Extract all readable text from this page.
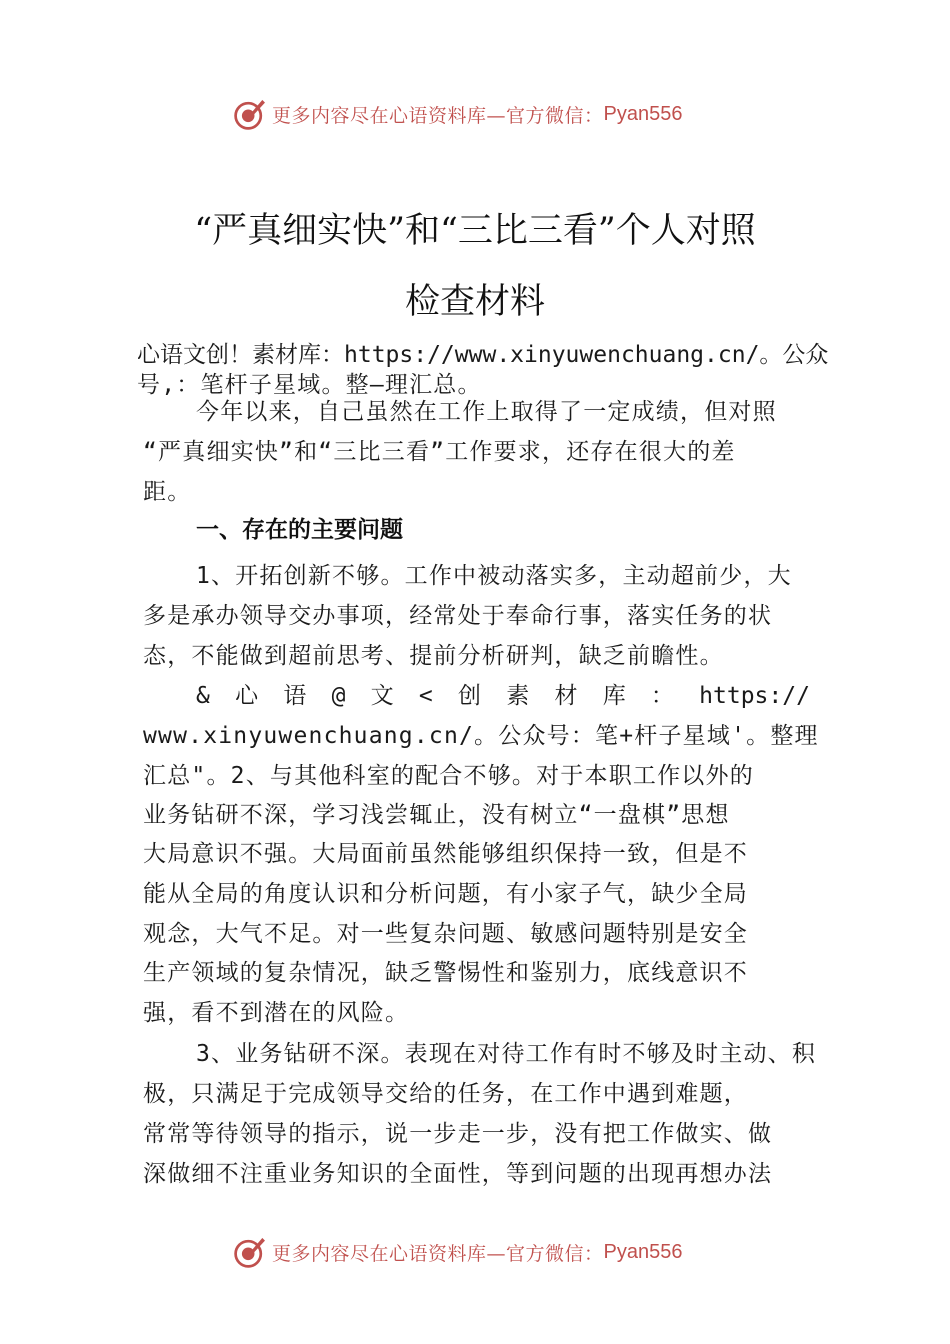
更多内容尽在心语资料库—官方微信： Pyan556
“严真细实快”和“三比三看”个人对照
检查材料
心语文创！素材库：https://www.xinyuwenchuang.cn/。公众
号,：笔杆子星域。整—理汇总。
今年以来，自己虽然在工作上取得了一定成绩，但对照
“严真细实快”和“三比三看”工作要求，还存在很大的差
距。
一、存在的主要问题
1、开拓创新不够。工作中被动落实多，主动超前少，大
多是承办领导交办事项，经常处于奉命行事，落实任务的状
态，不能做到超前思考、提前分析研判，缺乏前瞻性。
& 心 语 @ 文 < 创 素 材 库 ： https://
www.xinyuwenchuang.cn/。公众号：笔+杆子星域'。整理
汇总"。2、与其他科室的配合不够。对于本职工作以外的
业务钻研不深，学习浅尝辄止，没有树立“一盘棋”思想
大局意识不强。大局面前虽然能够组织保持一致，但是不
能从全局的角度认识和分析问题，有小家子气，缺少全局
观念，大气不足。对一些复杂问题、敏感问题特别是安全
生产领域的复杂情况，缺乏警惕性和鉴别力，底线意识不
强，看不到潜在的风险。
3、业务钻研不深。表现在对待工作有时不够及时主动、积
极，只满足于完成领导交给的任务，在工作中遇到难题，
常常等待领导的指示，说一步走一步，没有把工作做实、做
深做细不注重业务知识的全面性，等到问题的出现再想办法
更多内容尽在心语资料库—官方微信： Pyan556
